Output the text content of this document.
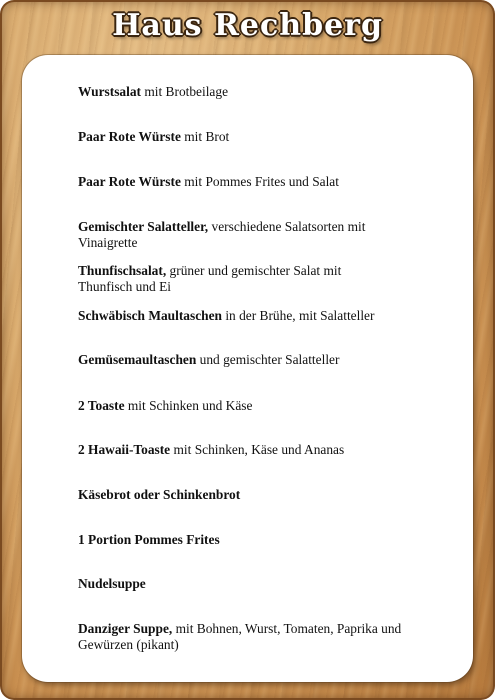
Haus Rechberg
Wurstsalat mit Brotbeilage
Paar Rote Würste mit Brot
Paar Rote Würste mit Pommes Frites und Salat
Gemischter Salatteller, verschiedene Salatsorten mit Vinaigrette
Thunfischsalat, grüner und gemischter Salat mit Thunfisch und Ei
Schwäbisch Maultaschen in der Brühe, mit Salatteller
Gemüsemaultaschen und gemischter Salatteller
2 Toaste mit Schinken und Käse
2 Hawaii-Toaste mit Schinken, Käse und Ananas
Käsebrot oder Schinkenbrot
1 Portion Pommes Frites
Nudelsuppe
Danziger Suppe, mit Bohnen, Wurst, Tomaten, Paprika und Gewürzen (pikant)
